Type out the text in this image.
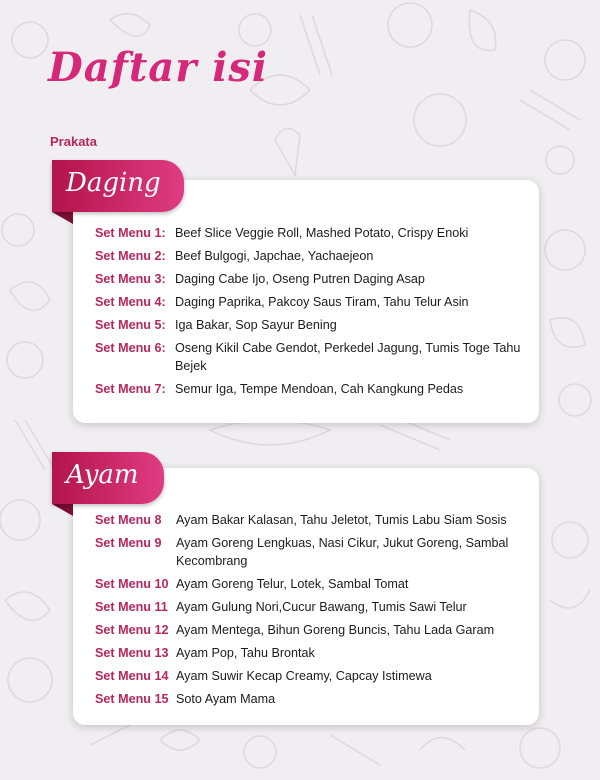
Daftar isi
Prakata
Set Menu 1: Beef Slice Veggie Roll, Mashed Potato, Crispy Enoki
Set Menu 2: Beef Bulgogi, Japchae, Yachaejeon
Set Menu 3: Daging Cabe Ijo, Oseng Putren Daging Asap
Set Menu 4: Daging Paprika, Pakcoy Saus Tiram, Tahu Telur Asin
Set Menu 5: Iga Bakar, Sop Sayur Bening
Set Menu 6: Oseng Kikil Cabe Gendot, Perkedel Jagung, Tumis Toge Tahu Bejek
Set Menu 7: Semur Iga, Tempe Mendoan, Cah Kangkung Pedas
Daging
Set Menu 8	Ayam Bakar Kalasan, Tahu Jeletot, Tumis Labu Siam Sosis
Set Menu 9	Ayam Goreng Lengkuas, Nasi Cikur, Jukut Goreng, Sambal Kecombrang
Set Menu 10 Ayam Goreng Telur, Lotek, Sambal Tomat
Set Menu 11 Ayam Gulung Nori,Cucur Bawang, Tumis Sawi Telur
Set Menu 12 Ayam Mentega, Bihun Goreng Buncis, Tahu Lada Garam
Set Menu 13 Ayam Pop, Tahu Brontak
Set Menu 14 Ayam Suwir Kecap Creamy, Capcay Istimewa
Set Menu 15 Soto Ayam Mama
Ayam
